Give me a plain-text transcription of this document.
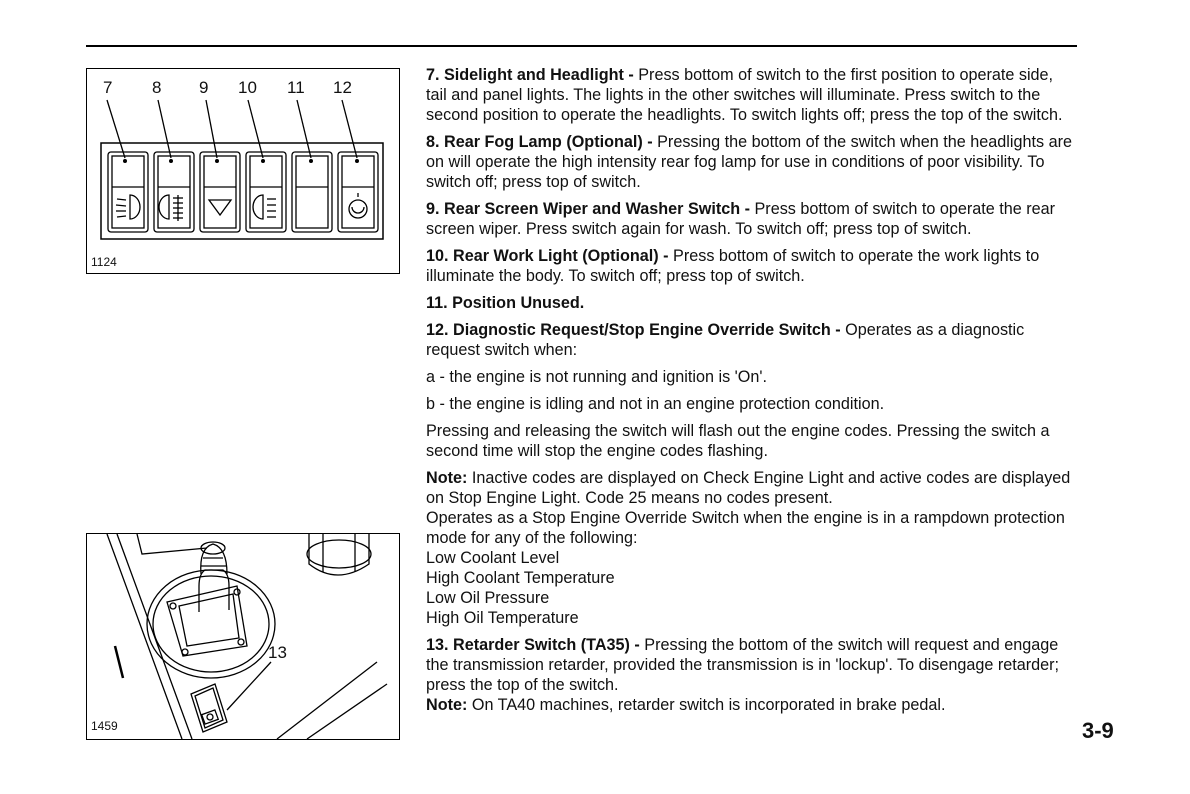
7 8 9 10 11 12
1124
13
1459

7. Sidelight and Headlight - Press bottom of switch to the first position to operate side, tail and panel lights. The lights in the other switches will illuminate. Press switch to the second position to operate the headlights. To switch lights off; press the top of the switch.

8. Rear Fog Lamp (Optional) - Pressing the bottom of the switch when the headlights are on will operate the high intensity rear fog lamp for use in conditions of poor visibility. To switch off; press top of switch.

9. Rear Screen Wiper and Washer Switch - Press bottom of switch to operate the rear screen wiper. Press switch again for wash. To switch off; press top of switch.

10. Rear Work Light (Optional) - Press bottom of switch to operate the work lights to illuminate the body. To switch off; press top of switch.

11. Position Unused.

12. Diagnostic Request/Stop Engine Override Switch - Operates as a diagnostic request switch when:

a - the engine is not running and ignition is 'On'.

b - the engine is idling and not in an engine protection condition.

Pressing and releasing the switch will flash out the engine codes. Pressing the switch a second time will stop the engine codes flashing.

Note: Inactive codes are displayed on Check Engine Light and active codes are displayed on Stop Engine Light. Code 25 means no codes present.

Operates as a Stop Engine Override Switch when the engine is in a rampdown protection mode for any of the following:

Low Coolant Level
High Coolant Temperature
Low Oil Pressure
High Oil Temperature

13. Retarder Switch (TA35) - Pressing the bottom of the switch will request and engage the transmission retarder, provided the transmission is in 'lockup'. To disengage retarder; press the top of the switch.

Note: On TA40 machines, retarder switch is incorporated in brake pedal.

3-9
